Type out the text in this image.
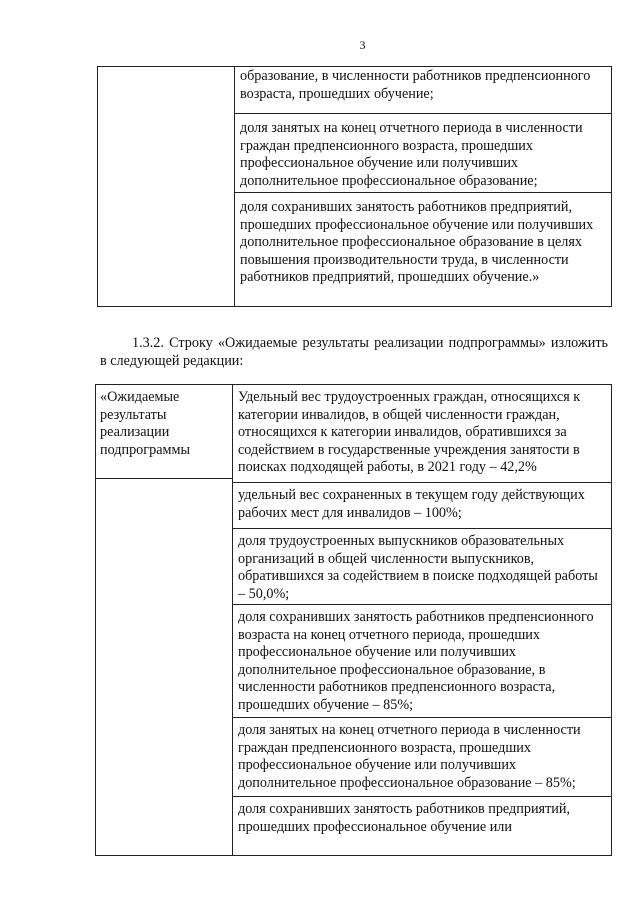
3
образование, в численности работников предпенсионного возраста, прошедших обучение;
доля занятых на конец отчетного периода в численности граждан предпенсионного возраста, прошедших профессиональное обучение или получивших дополнительное профессиональное образование;
доля сохранивших занятость работников предприятий, прошедших профессиональное обучение или получивших дополнительное профессиональное образование в целях повышения производительности труда, в численности работников предприятий, прошедших обучение.»
1.3.2. Строку «Ожидаемые результаты реализации подпрограммы» изложить в следующей редакции:
«Ожидаемые результаты реализации подпрограммы
Удельный вес трудоустроенных граждан, относящихся к категории инвалидов, в общей численности граждан, относящихся к категории инвалидов, обратившихся за содействием в государственные учреждения занятости в поисках подходящей работы, в 2021 году – 42,2%
удельный вес сохраненных в текущем году действующих рабочих мест для инвалидов – 100%;
доля трудоустроенных выпускников образовательных организаций в общей численности выпускников, обратившихся за содействием в поиске подходящей работы – 50,0%;
доля сохранивших занятость работников предпенсионного возраста на конец отчетного периода, прошедших профессиональное обучение или получивших дополнительное профессиональное образование, в численности работников предпенсионного возраста, прошедших обучение – 85%;
доля занятых на конец отчетного периода в численности граждан предпенсионного возраста, прошедших профессиональное обучение или получивших дополнительное профессиональное образование – 85%;
доля сохранивших занятость работников предприятий, прошедших профессиональное обучение или
